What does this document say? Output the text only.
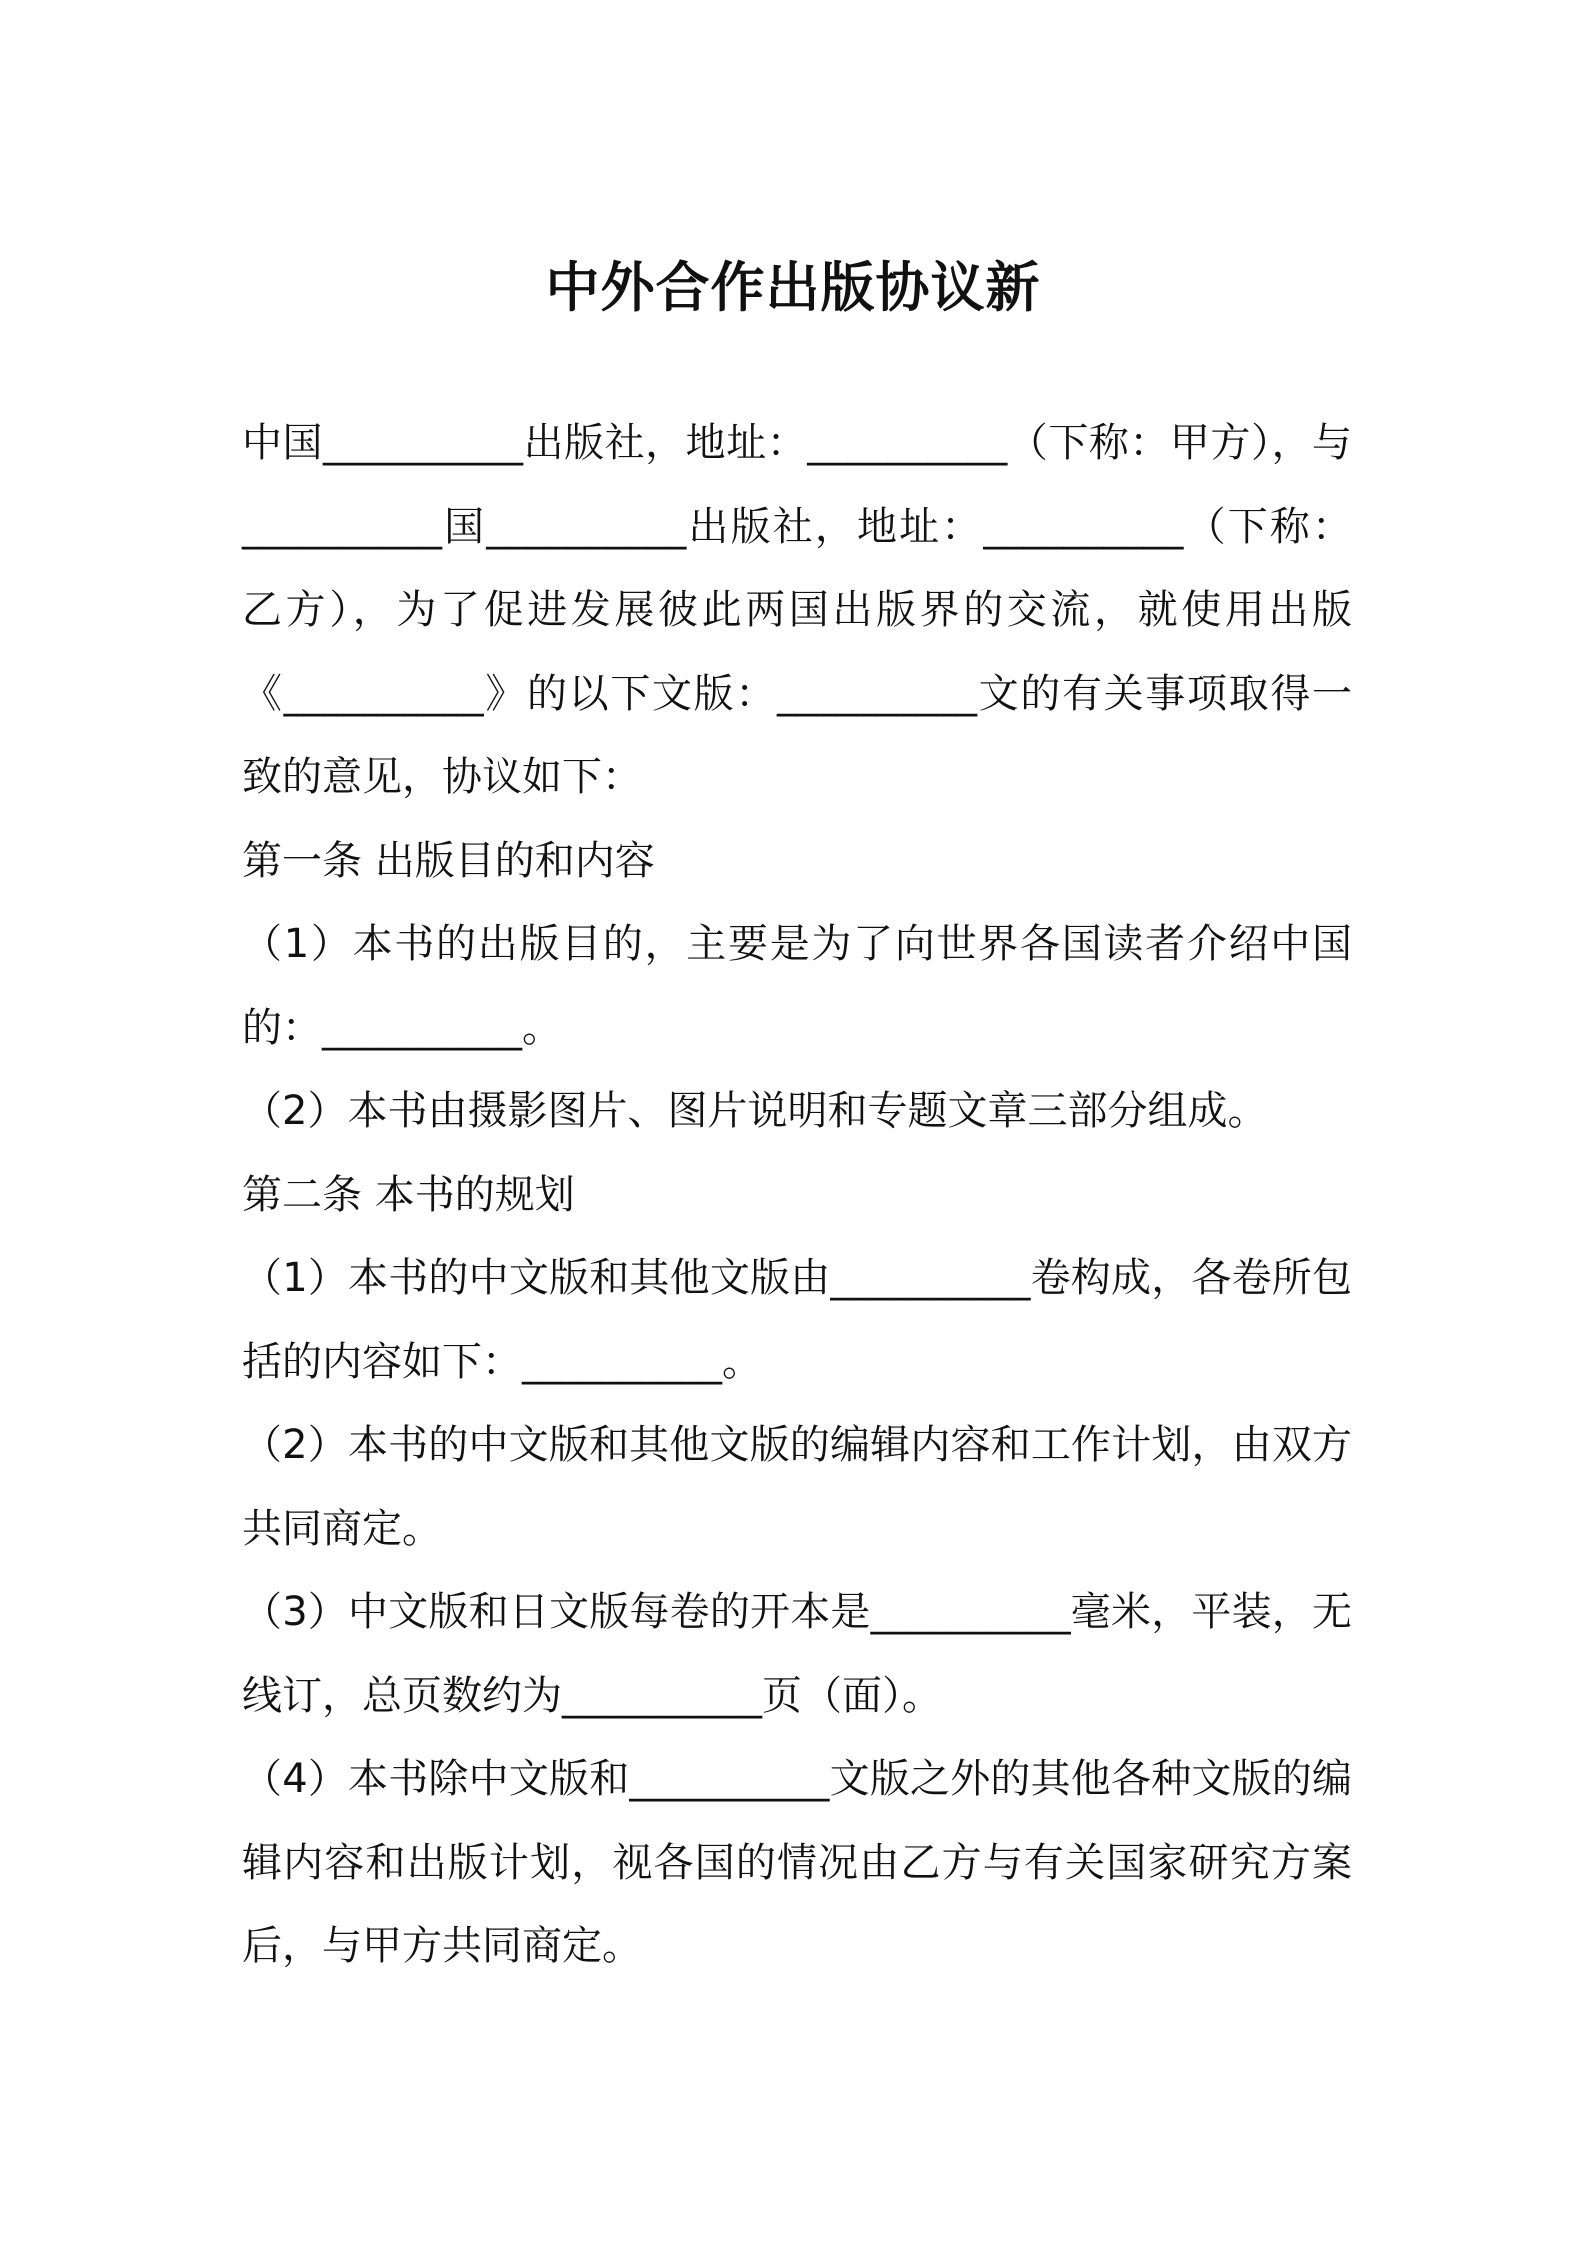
中外合作出版协议新

中国__________出版社，地址：__________（下称：甲方），与__________国__________出版社，地址：__________（下称：乙方），为了促进发展彼此两国出版界的交流，就使用出版《__________》的以下文版：__________文的有关事项取得一致的意见，协议如下：

第一条 出版目的和内容

（1）本书的出版目的，主要是为了向世界各国读者介绍中国的：__________。

（2）本书由摄影图片、图片说明和专题文章三部分组成。

第二条 本书的规划

（1）本书的中文版和其他文版由__________卷构成，各卷所包括的内容如下：__________。

（2）本书的中文版和其他文版的编辑内容和工作计划，由双方共同商定。

（3）中文版和日文版每卷的开本是__________毫米，平装，无线订，总页数约为__________页（面）。

（4）本书除中文版和__________文版之外的其他各种文版的编辑内容和出版计划，视各国的情况由乙方与有关国家研究方案后，与甲方共同商定。
